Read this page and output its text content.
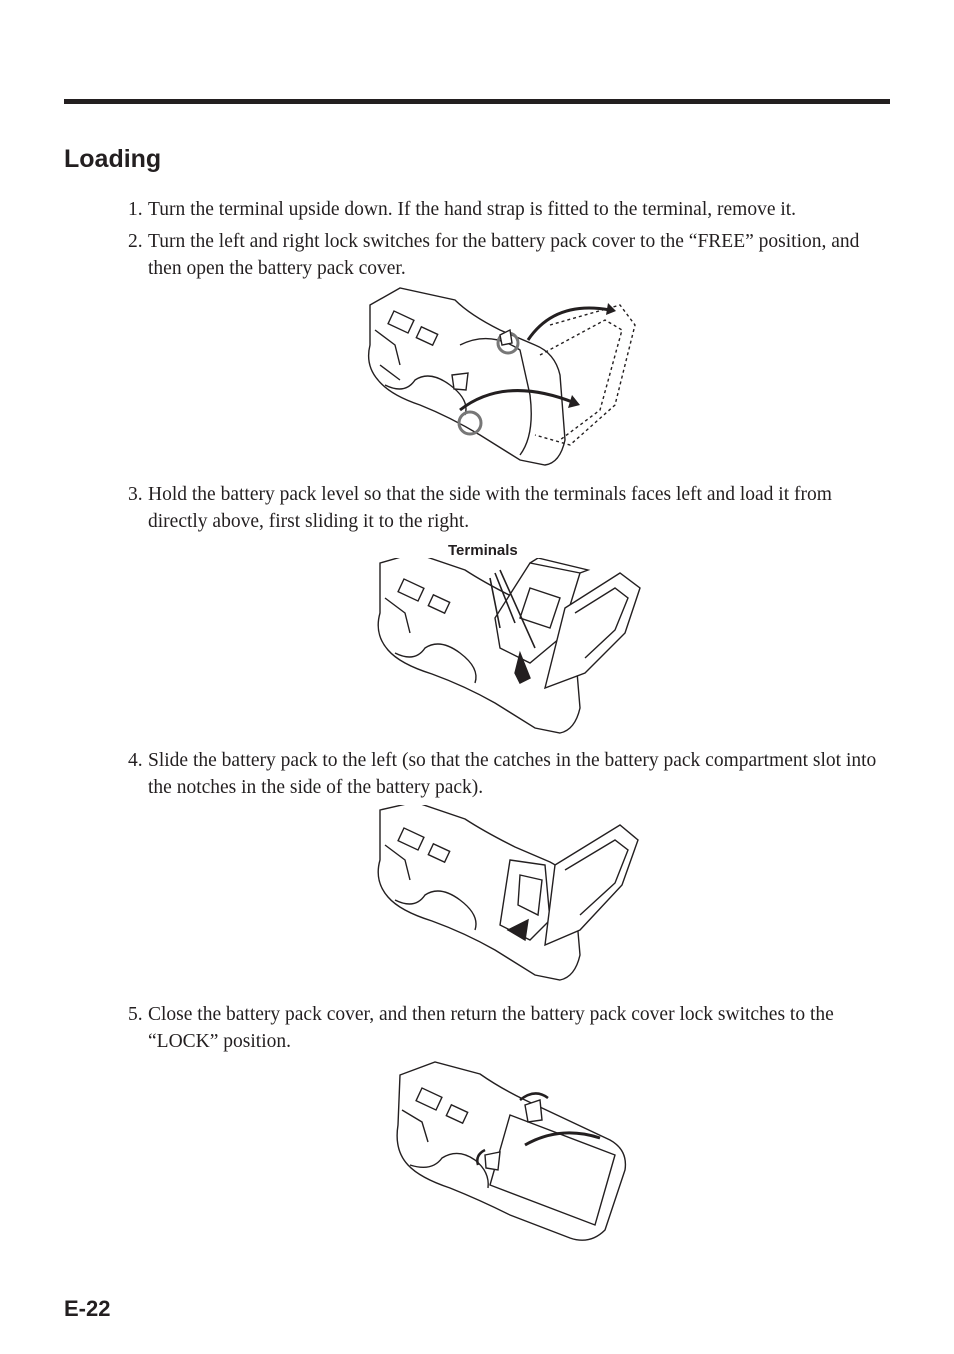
Loading
1. Turn the terminal upside down. If the hand strap is fitted to the terminal, remove it.
2. Turn the left and right lock switches for the battery pack cover to the “FREE” position, and then open the battery pack cover.
3. Hold the battery pack level so that the side with the terminals faces left and load it from directly above, first sliding it to the right.
Terminals
4. Slide the battery pack to the left (so that the catches in the battery pack compartment slot into the notches in the side of the battery pack).
5. Close the battery pack cover, and then return the battery pack cover lock switches to the “LOCK” position.
E-22
